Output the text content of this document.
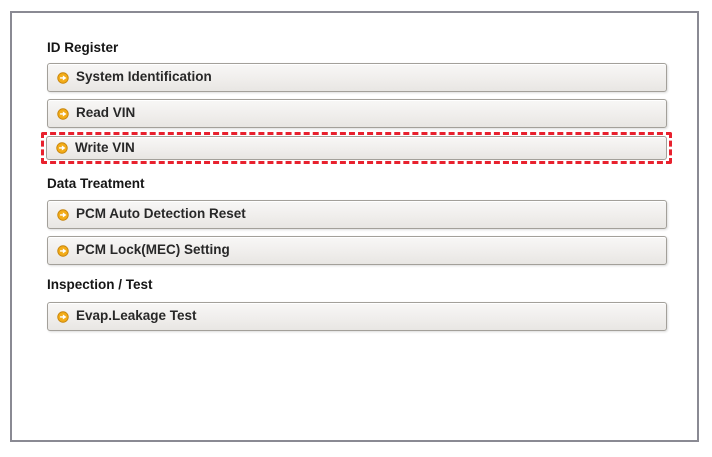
ID Register
System Identification
Read VIN
Write VIN
Data Treatment
PCM Auto Detection Reset
PCM Lock(MEC) Setting
Inspection / Test
Evap.Leakage Test
